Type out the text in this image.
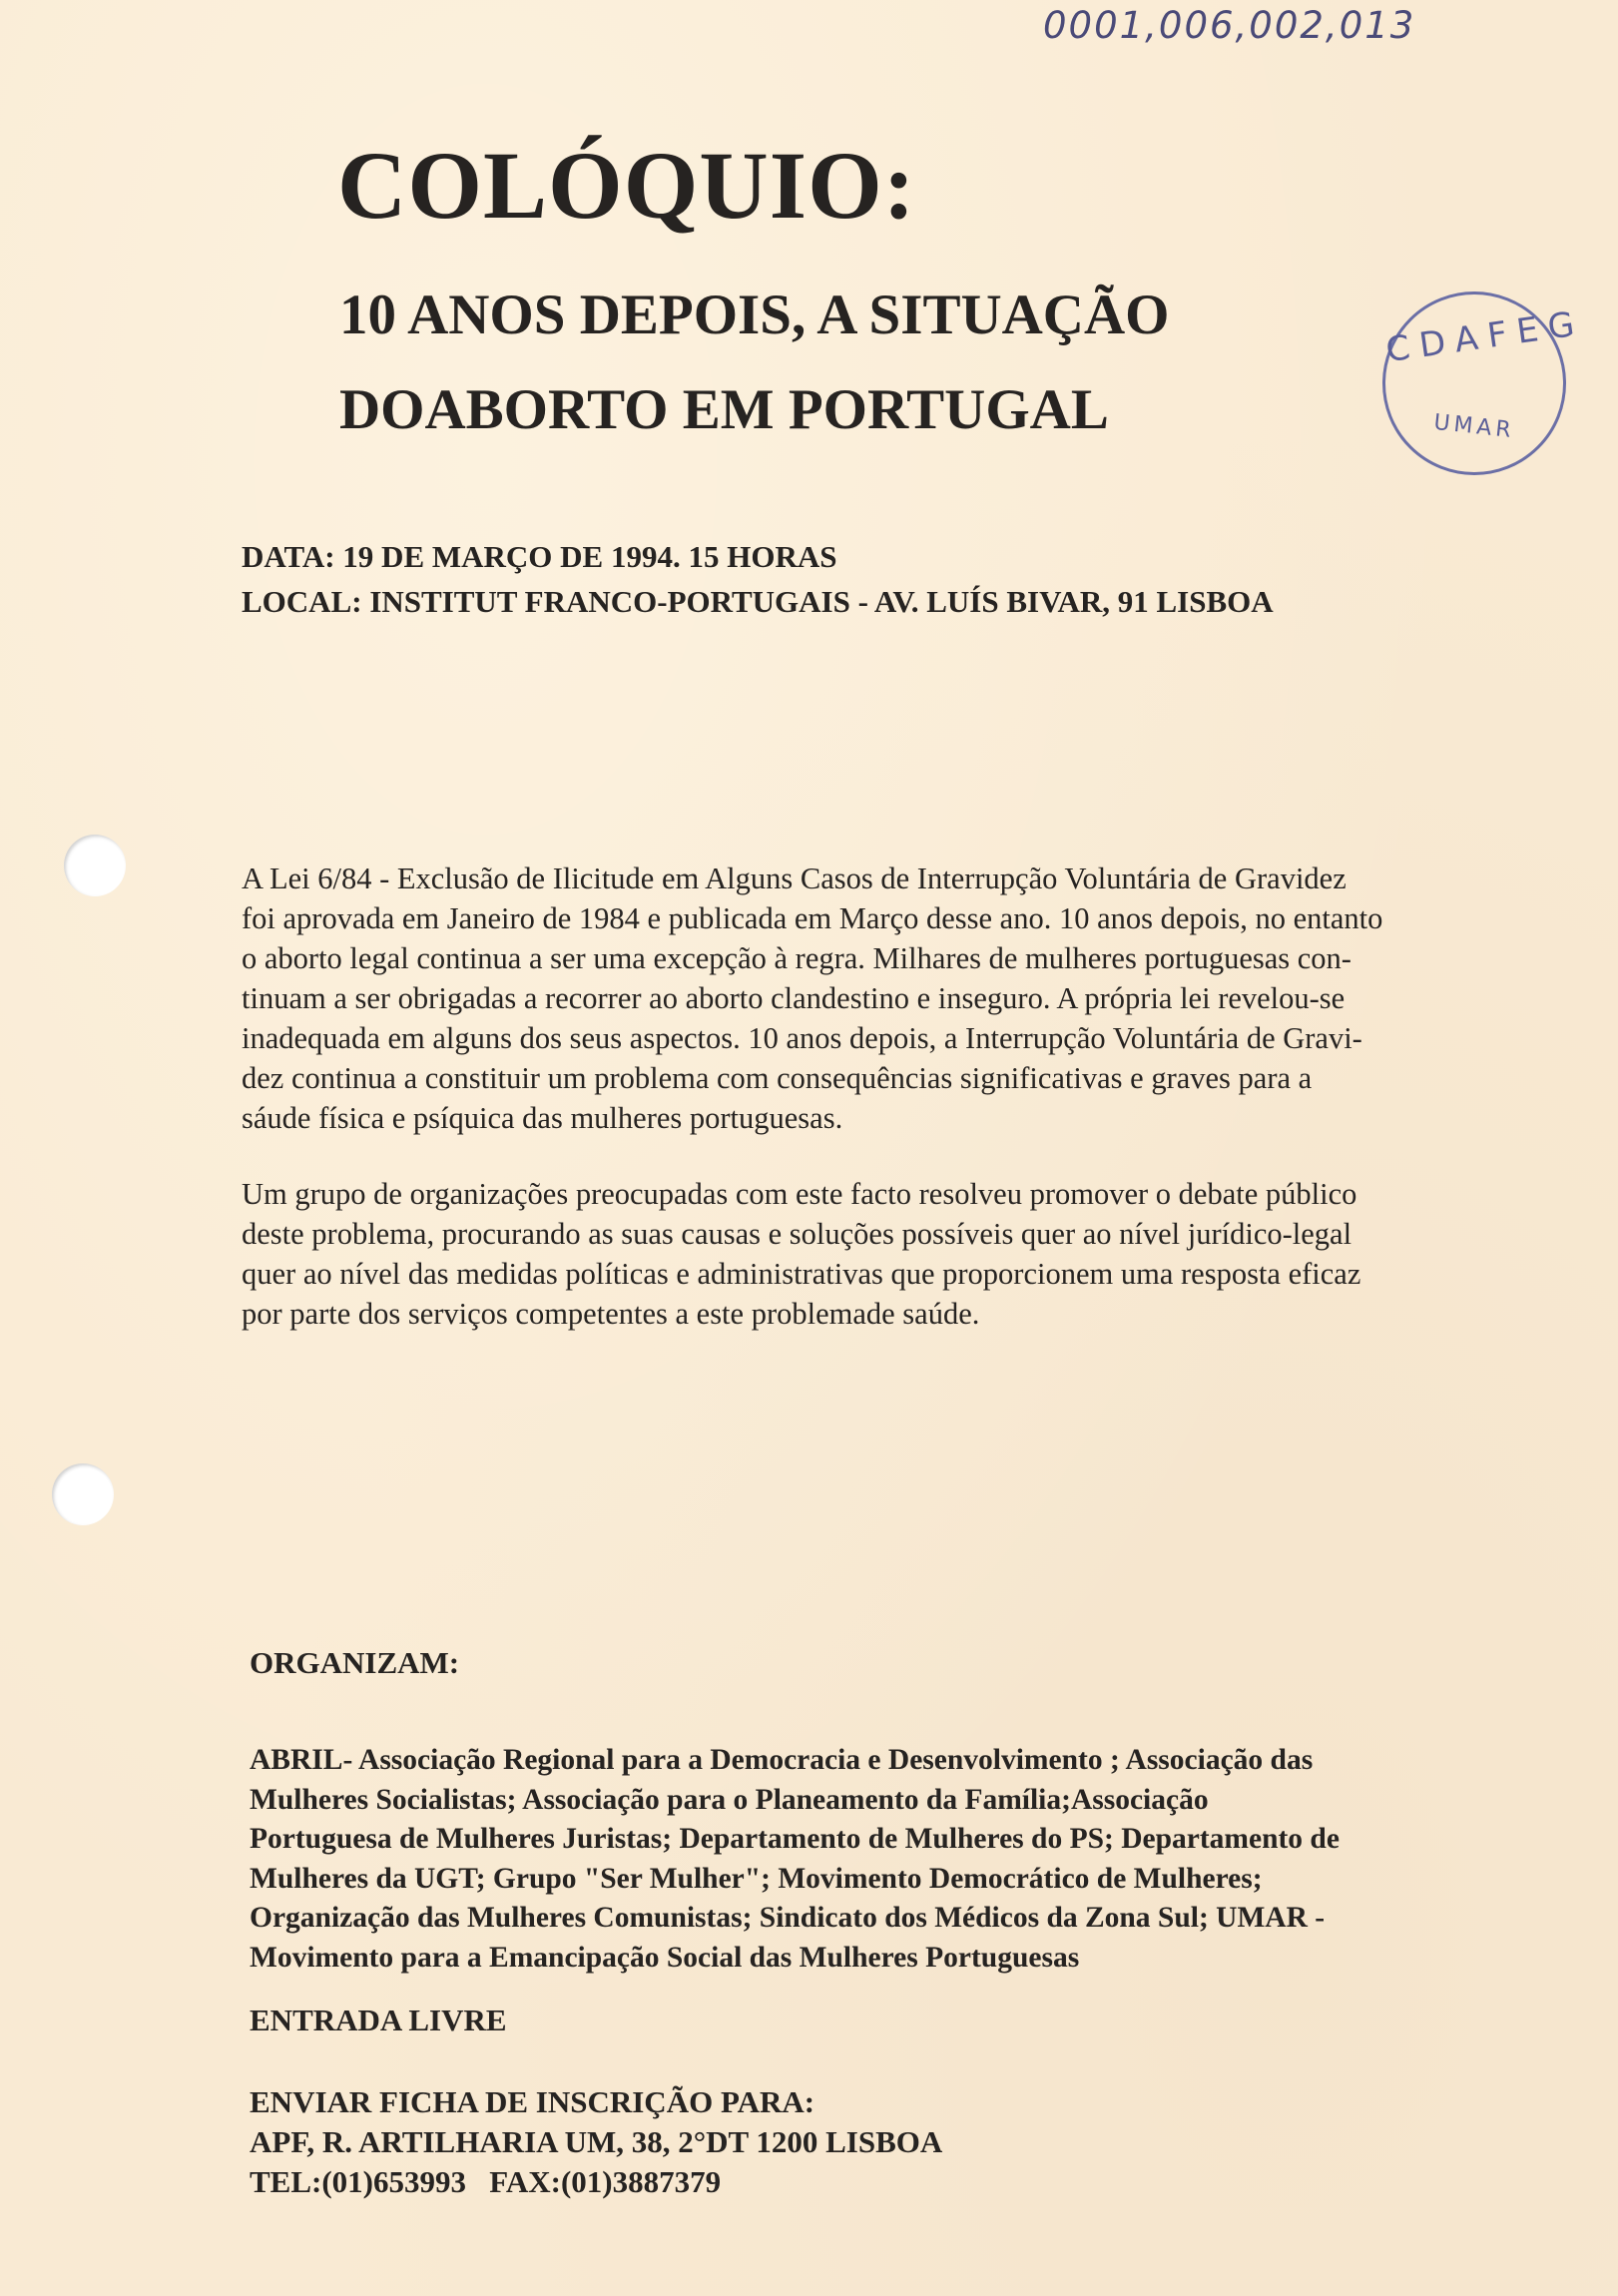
0001,006,002,013
COLÓQUIO:
10 ANOS DEPOIS, A SITUAÇÃO
DOABORTO EM PORTUGAL
CDAFEG
UMAR
DATA: 19 DE MARÇO DE 1994. 15 HORAS
LOCAL: INSTITUT FRANCO-PORTUGAIS - AV. LUÍS BIVAR, 91 LISBOA
A Lei 6/84 - Exclusão de Ilicitude em Alguns Casos de Interrupção Voluntária de Gravidez
foi aprovada em Janeiro de 1984 e publicada em Março desse ano. 10 anos depois, no entanto
o aborto legal continua a ser uma excepção à regra. Milhares de mulheres portuguesas con-
tinuam a ser obrigadas a recorrer ao aborto clandestino e inseguro. A própria lei revelou-se
inadequada em alguns dos seus aspectos. 10 anos depois, a Interrupção Voluntária de Gravi-
dez continua a constituir um problema com consequências significativas e graves para a
sáude física e psíquica das mulheres portuguesas.
Um grupo de organizações preocupadas com este facto resolveu promover o debate público
deste problema, procurando as suas causas e soluções possíveis quer ao nível jurídico-legal
quer ao nível das medidas políticas e administrativas que proporcionem uma resposta eficaz
por parte dos serviços competentes a este problemade saúde.
ORGANIZAM:
ABRIL- Associação Regional para a Democracia e Desenvolvimento ; Associação das
Mulheres Socialistas; Associação para o Planeamento da Família;Associação
Portuguesa de Mulheres Juristas; Departamento de Mulheres do PS; Departamento de
Mulheres da UGT; Grupo "Ser Mulher"; Movimento Democrático de Mulheres;
Organização das Mulheres Comunistas; Sindicato dos Médicos da Zona Sul; UMAR -
Movimento para a Emancipação Social das Mulheres Portuguesas
ENTRADA LIVRE
ENVIAR FICHA DE INSCRIÇÃO PARA:
APF, R. ARTILHARIA UM, 38, 2°DT 1200 LISBOA
TEL:(01)653993   FAX:(01)3887379
